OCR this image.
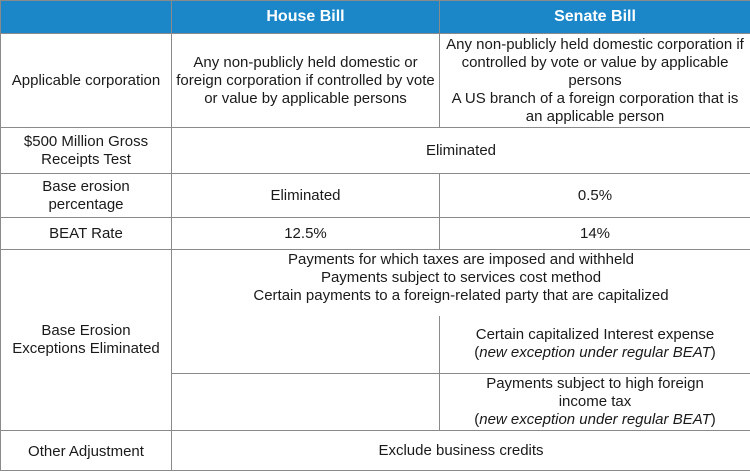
	House Bill	Senate Bill
Applicable corporation	Any non-publicly held domestic or foreign corporation if controlled by vote or value by applicable persons	Any non-publicly held domestic corporation if controlled by vote or value by applicable persons
A US branch of a foreign corporation that is an applicable person

$500 Million Gross Receipts Test	Eliminated	
Base erosion percentage	Eliminated	0.5%
BEAT Rate	12.5%	14%
Base Erosion Exceptions Eliminated	Payments for which taxes are imposed and withheld
Payments subject to services cost method
Certain payments to a foreign-related party that are capitalized	

		Certain capitalized Interest expense
(new exception under regular BEAT)

		Payments subject to high foreign
income tax
(new exception under regular BEAT)

Other Adjustment	Exclude business credits	
